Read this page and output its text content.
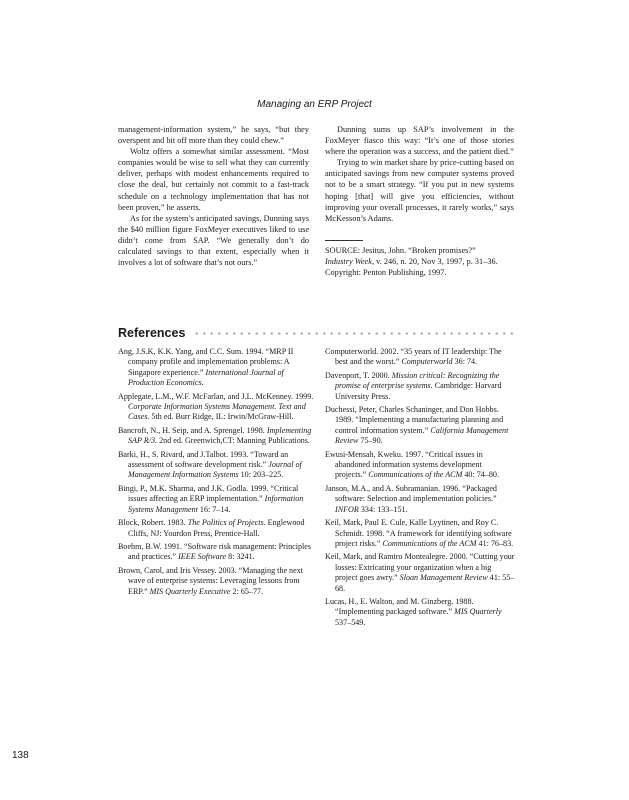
Managing an ERP Project

management-information system,” he says, “but they overspent and bit off more than they could chew.”

Woltz offers a somewhat similar assessment. “Most companies would be wise to sell what they can currently deliver, perhaps with modest enhancements required to close the deal, but certainly not commit to a fast-track schedule on a technology implementation that has not been proven,” he asserts.

As for the system’s anticipated savings, Dunning says the $40 million figure FoxMeyer executives liked to use didn’t come from SAP. “We generally don’t do calculated savings to that extent, especially when it involves a lot of software that’s not ours.”

Dunning sums up SAP’s involvement in the FoxMeyer fiasco this way: “It’s one of those stories where the operation was a success, and the patient died.”

Trying to win market share by price-cutting based on anticipated savings from new computer systems proved not to be a smart strategy. “If you put in new systems hoping [that] will give you efficiencies, without improving your overall processes, it rarely works,” says McKesson’s Adams.

SOURCE: Jesitus, John. “Broken promises?”

Industry Week, v. 246, n. 20, Nov 3, 1997, p. 31–36.

Copyright: Penton Publishing, 1997.

References

Ang, J.S.K, K.K. Yang, and C.C. Sum. 1994. “MRP II company profile and implementation problems: A Singapore experience.” International Journal of Production Economics.

Applegate, L.M., W.F. McFarlan, and J.L. McKenney. 1999. Corporate Information Systems Management. Text and Cases. 5th ed. Burr Ridge, IL: Irwin/McGraw-Hill.

Bancroft, N., H. Seip, and A. Sprengel. 1998. Implementing SAP R/3. 2nd ed. Greenwich,CT: Manning Publications.

Barki, H., S. Rivard, and J.Talbot. 1993. “Toward an assessment of software development risk.” Journal of Management Information Systems 10: 203–225.

Bingi, P., M.K. Sharma, and J.K. Godla. 1999. “Critical issues affecting an ERP implementation.” Information Systems Management 16: 7–14.

Block, Robert. 1983. The Politics of Projects. Englewood Cliffs, NJ: Yourdon Press, Prentice-Hall.

Boehm, B.W. 1991. “Software risk management: Principles and practices.” IEEE Software 8: 3241.

Brown, Carol, and Iris Vessey. 2003. “Managing the next wave of enterprise systems: Leveraging lessons from ERP.” MIS Quarterly Executive 2: 65–77.

Computerworld. 2002. “35 years of IT leadership: The best and the worst.” Computerworld 36: 74.

Davenport, T. 2000. Mission critical: Recognizing the promise of enterprise systems. Cambridge: Harvard University Press.

Duchessi, Peter, Charles Schaninger, and Don Hobbs. 1989. “Implementing a manufacturing planning and control information system.” California Management Review 75–90.

Ewusi-Mensah, Kweku. 1997. “Critical issues in abandoned information systems development projects.” Communications of the ACM 40: 74–80.

Janson, M.A., and A. Subramanian. 1996. “Packaged software: Selection and implementation policies.” INFOR 334: 133–151.

Keil, Mark, Paul E. Cule, Kalle Lyytinen, and Roy C. Schmidt. 1998. “A framework for identifying software project risks.” Communications of the ACM 41: 76–83.

Keil, Mark, and Ramiro Montealegre. 2000. “Cutting your losses: Extricating your organization when a big project goes awry.” Sloan Management Review 41: 55–68.

Lucas, H., E. Walton, and M. Ginzberg. 1988. “Implementing packaged software.” MIS Quarterly 537–549.

138
